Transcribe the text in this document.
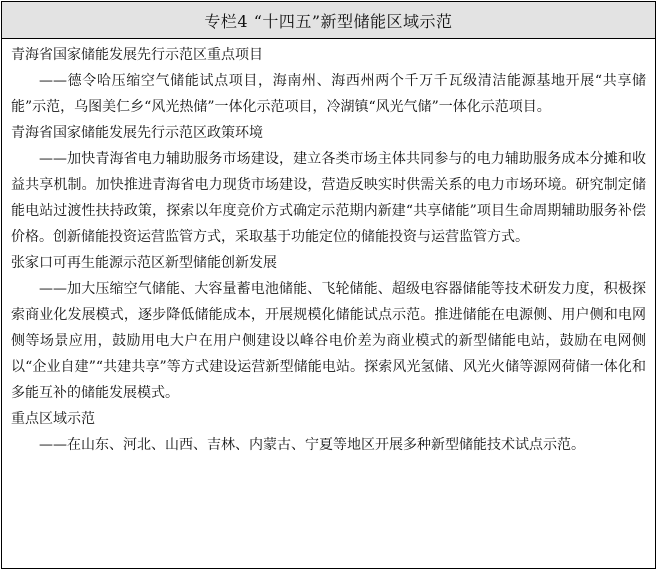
专栏4 “十四五”新型储能区域示范
青海省国家储能发展先行示范区重点项目

——德令哈压缩空气储能试点项目，海南州、海西州两个千万千瓦级清洁能源基地开展“共享储能”示范，乌图美仁乡“风光热储”一体化示范项目，冷湖镇“风光气储”一体化示范项目。

青海省国家储能发展先行示范区政策环境

——加快青海省电力辅助服务市场建设，建立各类市场主体共同参与的电力辅助服务成本分摊和收益共享机制。加快推进青海省电力现货市场建设，营造反映实时供需关系的电力市场环境。研究制定储能电站过渡性扶持政策，探索以年度竞价方式确定示范期内新建“共享储能”项目生命周期辅助服务补偿价格。创新储能投资运营监管方式，采取基于功能定位的储能投资与运营监管方式。

张家口可再生能源示范区新型储能创新发展

——加大压缩空气储能、大容量蓄电池储能、飞轮储能、超级电容器储能等技术研发力度，积极探索商业化发展模式，逐步降低储能成本，开展规模化储能试点示范。推进储能在电源侧、用户侧和电网侧等场景应用，鼓励用电大户在用户侧建设以峰谷电价差为商业模式的新型储能电站，鼓励在电网侧以“企业自建”“共建共享”等方式建设运营新型储能电站。探索风光氢储、风光火储等源网荷储一体化和多能互补的储能发展模式。

重点区域示范

——在山东、河北、山西、吉林、内蒙古、宁夏等地区开展多种新型储能技术试点示范。
